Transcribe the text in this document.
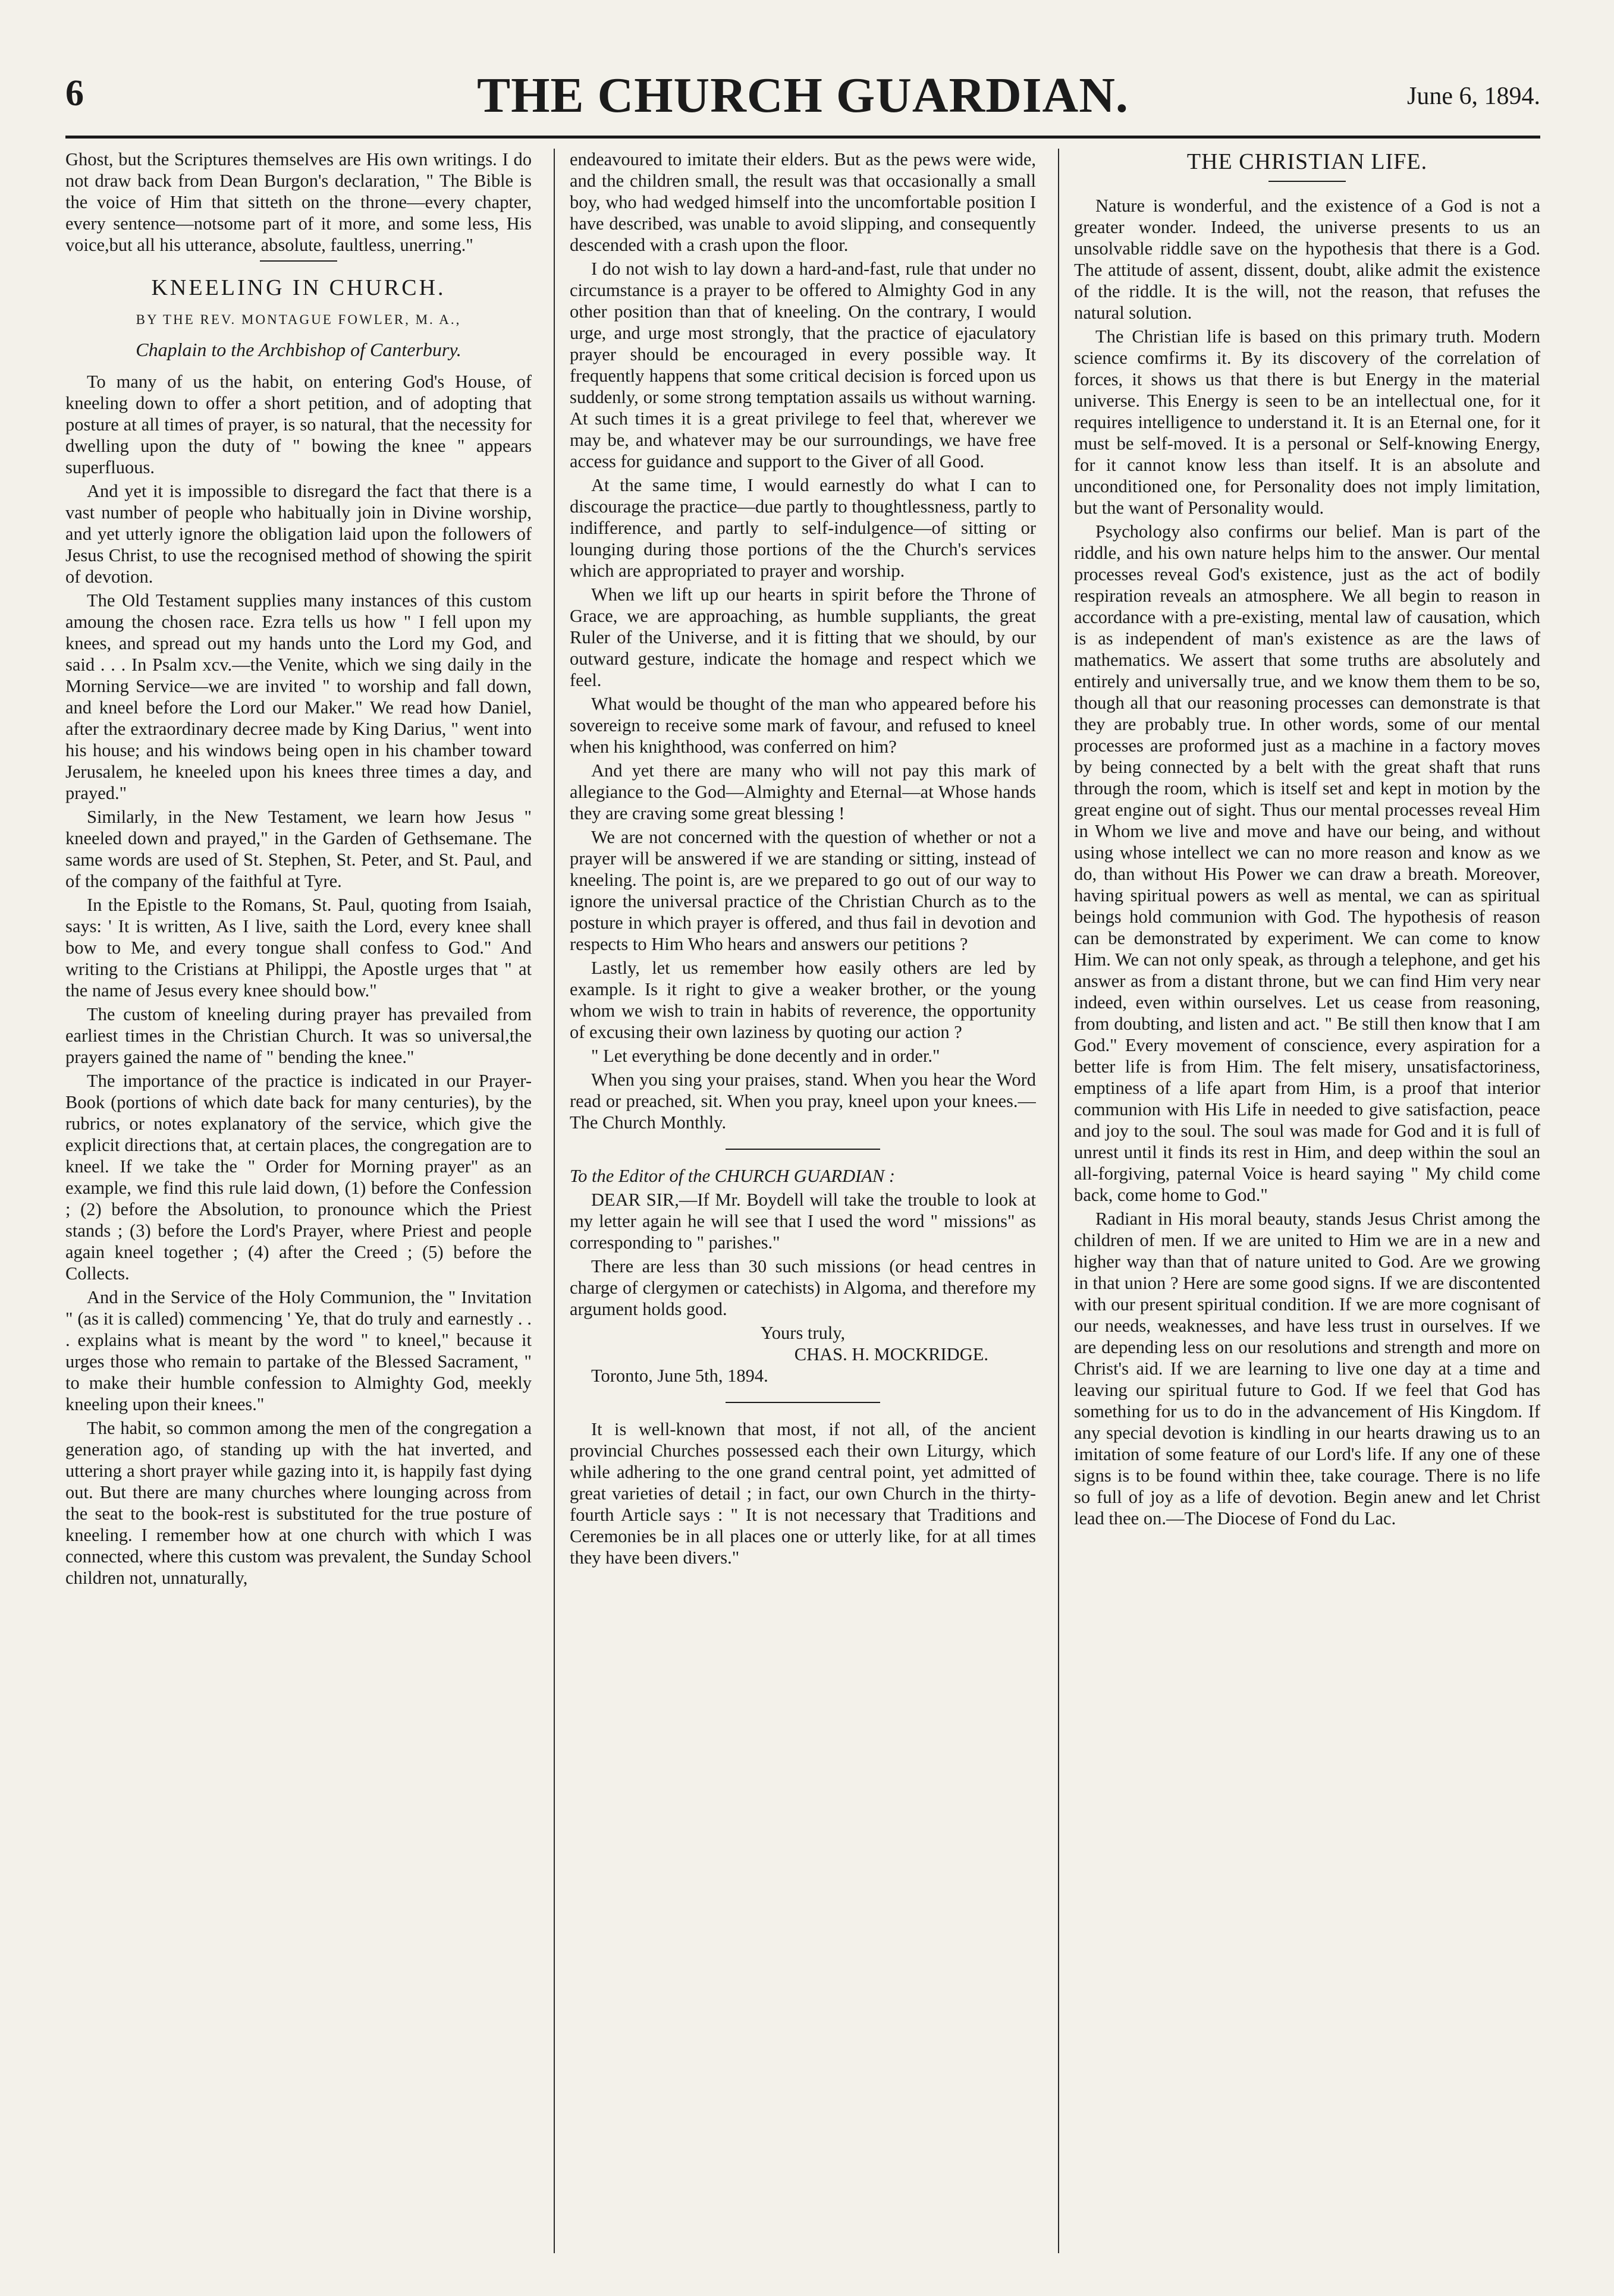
6	THE CHURCH GUARDIAN.	June 6, 1894.

Ghost, but the Scriptures themselves are His own writings. I do not draw back from Dean Burgon's declaration, " The Bible is the voice of Him that sitteth on the throne—every chapter, every sentence—notsome part of it more, and some less, His voice,but all his utterance, absolute, faultless, unerring."

KNEELING IN CHURCH.
BY THE REV. MONTAGUE FOWLER, M. A.,
Chaplain to the Archbishop of Canterbury.

To many of us the habit, on entering God's House, of kneeling down to offer a short petition, and of adopting that posture at all times of prayer, is so natural, that the necessity for dwelling upon the duty of " bowing the knee " appears superfluous.

And yet it is impossible to disregard the fact that there is a vast number of people who habitually join in Divine worship, and yet utterly ignore the obligation laid upon the followers of Jesus Christ, to use the recognised method of showing the spirit of devotion.

The Old Testament supplies many instances of this custom amoung the chosen race. Ezra tells us how " I fell upon my knees, and spread out my hands unto the Lord my God, and said . . . In Psalm xcv.—the Venite, which we sing daily in the Morning Service—we are invited " to worship and fall down, and kneel before the Lord our Maker." We read how Daniel, after the extraordinary decree made by King Darius, " went into his house; and his windows being open in his chamber toward Jerusalem, he kneeled upon his knees three times a day, and prayed."

Similarly, in the New Testament, we learn how Jesus " kneeled down and prayed," in the Garden of Gethsemane. The same words are used of St. Stephen, St. Peter, and St. Paul, and of the company of the faithful at Tyre.

In the Epistle to the Romans, St. Paul, quoting from Isaiah, says: ' It is written, As I live, saith the Lord, every knee shall bow to Me, and every tongue shall confess to God." And writing to the Cristians at Philippi, the Apostle urges that " at the name of Jesus every knee should bow."

The custom of kneeling during prayer has prevailed from earliest times in the Christian Church. It was so universal,the prayers gained the name of " bending the knee."

The importance of the practice is indicated in our Prayer-Book (portions of which date back for many centuries), by the rubrics, or notes explanatory of the service, which give the explicit directions that, at certain places, the congregation are to kneel. If we take the " Order for Morning prayer" as an example, we find this rule laid down, (1) before the Confession ; (2) before the Absolution, to pronounce which the Priest stands ; (3) before the Lord's Prayer, where Priest and people again kneel together ; (4) after the Creed ; (5) before the Collects.

And in the Service of the Holy Communion, the " Invitation " (as it is called) commencing ' Ye, that do truly and earnestly . . . explains what is meant by the word " to kneel," because it urges those who remain to partake of the Blessed Sacrament, " to make their humble confession to Almighty God, meekly kneeling upon their knees."

The habit, so common among the men of the congregation a generation ago, of standing up with the hat inverted, and uttering a short prayer while gazing into it, is happily fast dying out. But there are many churches where lounging across from the seat to the book-rest is substituted for the true posture of kneeling. I remember how at one church with which I was connected, where this custom was prevalent, the Sunday School children not, unnaturally,

endeavoured to imitate their elders. But as the pews were wide, and the children small, the result was that occasionally a small boy, who had wedged himself into the uncomfortable position I have described, was unable to avoid slipping, and consequently descended with a crash upon the floor.

I do not wish to lay down a hard-and-fast, rule that under no circumstance is a prayer to be offered to Almighty God in any other position than that of kneeling. On the contrary, I would urge, and urge most strongly, that the practice of ejaculatory prayer should be encouraged in every possible way. It frequently happens that some critical decision is forced upon us suddenly, or some strong temptation assails us without warning. At such times it is a great privilege to feel that, wherever we may be, and whatever may be our surroundings, we have free access for guidance and support to the Giver of all Good.

At the same time, I would earnestly do what I can to discourage the practice—due partly to thoughtlessness, partly to indifference, and partly to self-indulgence—of sitting or lounging during those portions of the the Church's services which are appropriated to prayer and worship.

When we lift up our hearts in spirit before the Throne of Grace, we are approaching, as humble suppliants, the great Ruler of the Universe, and it is fitting that we should, by our outward gesture, indicate the homage and respect which we feel.

What would be thought of the man who appeared before his sovereign to receive some mark of favour, and refused to kneel when his knighthood, was conferred on him?

And yet there are many who will not pay this mark of allegiance to the God—Almighty and Eternal—at Whose hands they are craving some great blessing !

We are not concerned with the question of whether or not a prayer will be answered if we are standing or sitting, instead of kneeling. The point is, are we prepared to go out of our way to ignore the universal practice of the Christian Church as to the posture in which prayer is offered, and thus fail in devotion and respects to Him Who hears and answers our petitions ?

Lastly, let us remember how easily others are led by example. Is it right to give a weaker brother, or the young whom we wish to train in habits of reverence, the opportunity of excusing their own laziness by quoting our action ?

" Let everything be done decently and in order."

When you sing your praises, stand. When you hear the Word read or preached, sit. When you pray, kneel upon your knees.—The Church Monthly.

To the Editor of the CHURCH GUARDIAN :

DEAR SIR,—If Mr. Boydell will take the trouble to look at my letter again he will see that I used the word " missions" as corresponding to " parishes."

There are less than 30 such missions (or head centres in charge of clergymen or catechists) in Algoma, and therefore my argument holds good.

Yours truly,

CHAS. H. MOCKRIDGE.

Toronto, June 5th, 1894.

It is well-known that most, if not all, of the ancient provincial Churches possessed each their own Liturgy, which while adhering to the one grand central point, yet admitted of great varieties of detail ; in fact, our own Church in the thirty-fourth Article says : " It is not necessary that Traditions and Ceremonies be in all places one or utterly like, for at all times they have been divers."

THE CHRISTIAN LIFE.

Nature is wonderful, and the existence of a God is not a greater wonder. Indeed, the universe presents to us an unsolvable riddle save on the hypothesis that there is a God. The attitude of assent, dissent, doubt, alike admit the existence of the riddle. It is the will, not the reason, that refuses the natural solution.

The Christian life is based on this primary truth. Modern science comfirms it. By its discovery of the correlation of forces, it shows us that there is but Energy in the material universe. This Energy is seen to be an intellectual one, for it requires intelligence to understand it. It is an Eternal one, for it must be self-moved. It is a personal or Self-knowing Energy, for it cannot know less than itself. It is an absolute and unconditioned one, for Personality does not imply limitation, but the want of Personality would.

Psychology also confirms our belief. Man is part of the riddle, and his own nature helps him to the answer. Our mental processes reveal God's existence, just as the act of bodily respiration reveals an atmosphere. We all begin to reason in accordance with a pre-existing, mental law of causation, which is as independent of man's existence as are the laws of mathematics. We assert that some truths are absolutely and entirely and universally true, and we know them them to be so, though all that our reasoning processes can demonstrate is that they are probably true. In other words, some of our mental processes are proformed just as a machine in a factory moves by being connected by a belt with the great shaft that runs through the room, which is itself set and kept in motion by the great engine out of sight. Thus our mental processes reveal Him in Whom we live and move and have our being, and without using whose intellect we can no more reason and know as we do, than without His Power we can draw a breath. Moreover, having spiritual powers as well as mental, we can as spiritual beings hold communion with God. The hypothesis of reason can be demonstrated by experiment. We can come to know Him. We can not only speak, as through a telephone, and get his answer as from a distant throne, but we can find Him very near indeed, even within ourselves. Let us cease from reasoning, from doubting, and listen and act. " Be still then know that I am God." Every movement of conscience, every aspiration for a better life is from Him. The felt misery, unsatisfactoriness, emptiness of a life apart from Him, is a proof that interior communion with His Life in needed to give satisfaction, peace and joy to the soul. The soul was made for God and it is full of unrest until it finds its rest in Him, and deep within the soul an all-forgiving, paternal Voice is heard saying " My child come back, come home to God."

Radiant in His moral beauty, stands Jesus Christ among the children of men. If we are united to Him we are in a new and higher way than that of nature united to God. Are we growing in that union ? Here are some good signs. If we are discontented with our present spiritual condition. If we are more cognisant of our needs, weaknesses, and have less trust in ourselves. If we are depending less on our resolutions and strength and more on Christ's aid. If we are learning to live one day at a time and leaving our spiritual future to God. If we feel that God has something for us to do in the advancement of His Kingdom. If any special devotion is kindling in our hearts drawing us to an imitation of some feature of our Lord's life. If any one of these signs is to be found within thee, take courage. There is no life so full of joy as a life of devotion. Begin anew and let Christ lead thee on.—The Diocese of Fond du Lac.
